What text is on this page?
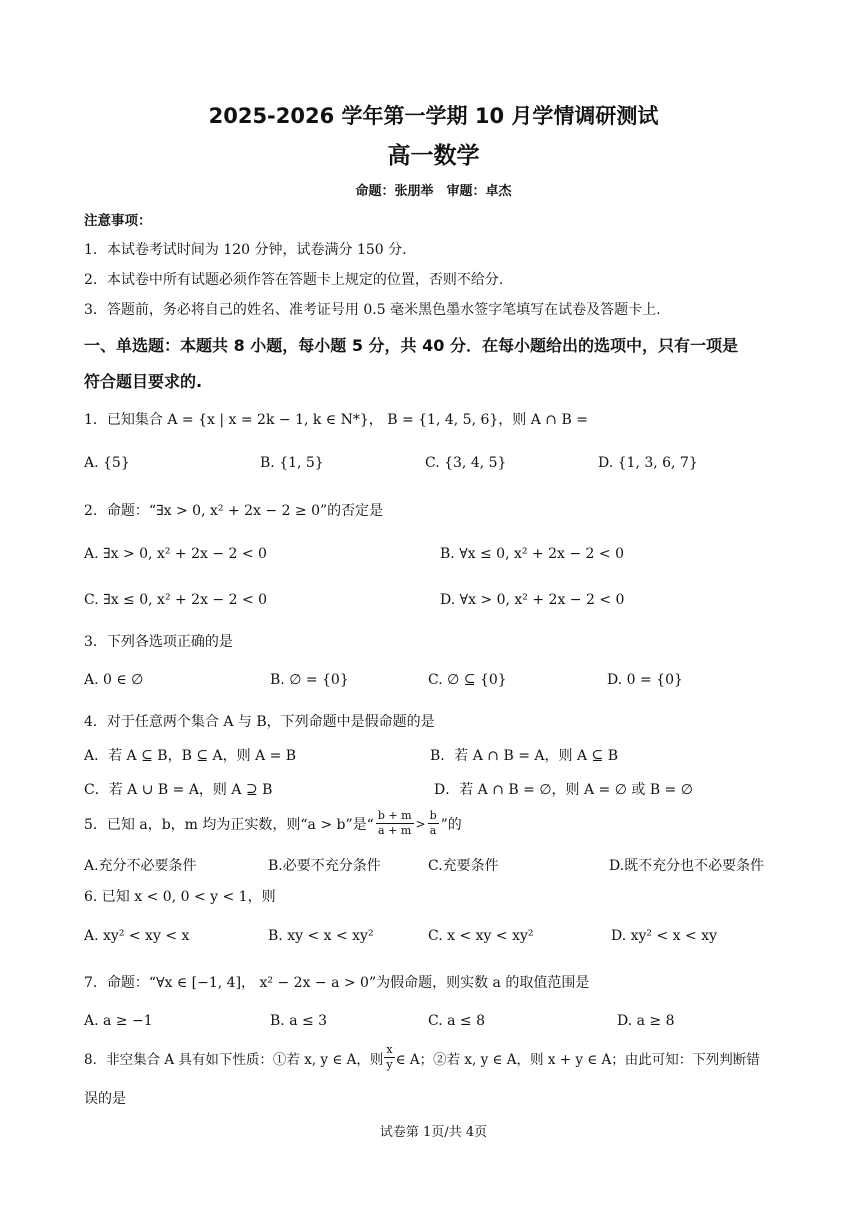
2025-2026 学年第一学期 10 月学情调研测试
高一数学
命题：张朋举　审题：卓杰
注意事项：
1．本试卷考试时间为 120 分钟，试卷满分 150 分.
2．本试卷中所有试题必须作答在答题卡上规定的位置，否则不给分.
3．答题前，务必将自己的姓名、准考证号用 0.5 毫米黑色墨水签字笔填写在试卷及答题卡上.
一、单选题：本题共 8 小题，每小题 5 分，共 40 分．在每小题给出的选项中，只有一项是
符合题目要求的.
1．已知集合 A = {x | x = 2k − 1, k ∈ N*}， B = {1, 4, 5, 6}，则 A ∩ B =
A. {5}	B. {1, 5}	C. {3, 4, 5}	D. {1, 3, 6, 7}
2．命题：“∃x > 0, x² + 2x − 2 ≥ 0”的否定是
A. ∃x > 0, x² + 2x − 2 < 0	B. ∀x ≤ 0, x² + 2x − 2 < 0
C. ∃x ≤ 0, x² + 2x − 2 < 0	D. ∀x > 0, x² + 2x − 2 < 0
3．下列各选项正确的是
A. 0 ∈ ∅	B. ∅ = {0}	C. ∅ ⊆ {0}	D. 0 = {0}
4．对于任意两个集合 A 与 B，下列命题中是假命题的是
A．若 A ⊆ B，B ⊆ A，则 A = B	B．若 A ∩ B = A，则 A ⊆ B
C．若 A ∪ B = A，则 A ⊇ B	D．若 A ∩ B = ∅，则 A = ∅ 或 B = ∅
5．已知 a，b，m 均为正实数，则“a > b”是“ $\frac{b + m}{a + m} > \frac{b}{a}$ ”的
A.充分不必要条件	B.必要不充分条件	C.充要条件	D.既不充分也不必要条件
6. 已知 x < 0, 0 < y < 1，则
A. xy² < xy < x	B. xy < x < xy²	C. x < xy < xy²	D. xy² < x < xy
7．命题：“∀x ∈ [−1, 4]， x² − 2x − a > 0”为假命题，则实数 a 的取值范围是
A. a ≥ −1	B. a ≤ 3	C. a ≤ 8	D. a ≥ 8
8．非空集合 A 具有如下性质：①若 x, y ∈ A，则 $\frac{x}{y}$ ∈ A；②若 x, y ∈ A，则 x + y ∈ A；由此可知：下列判断错
误的是
试卷第 1页/共 4页
